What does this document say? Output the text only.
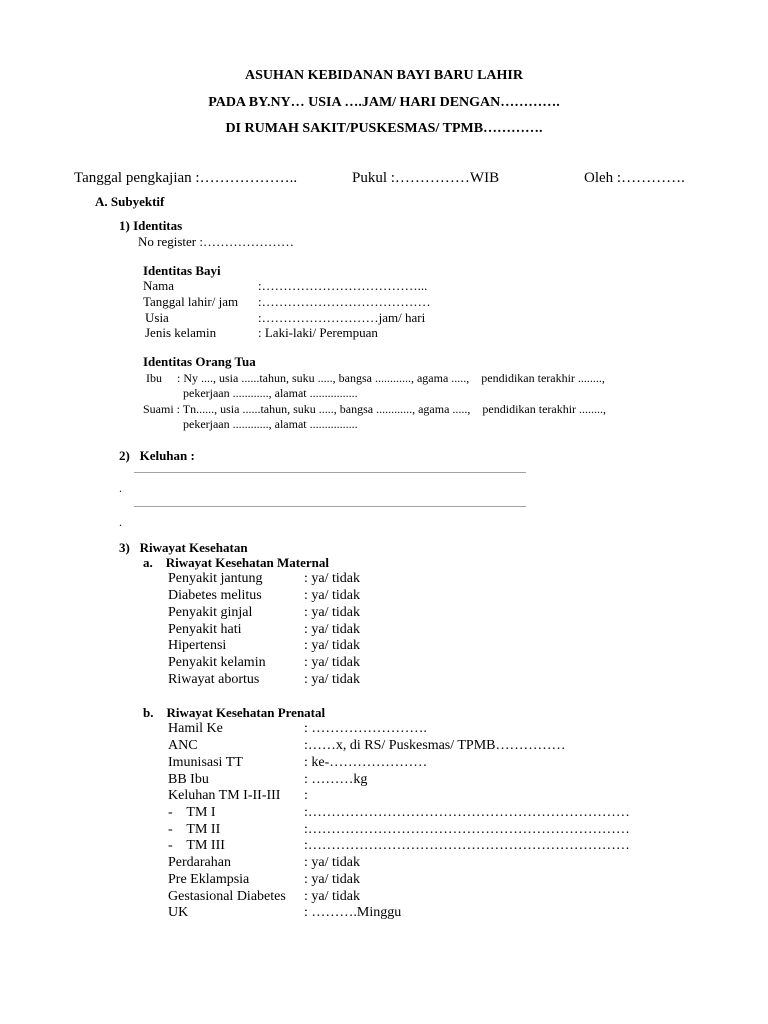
ASUHAN KEBIDANAN BAYI BARU LAHIR
PADA BY.NY… USIA ….JAM/ HARI DENGAN………….
DI RUMAH SAKIT/PUSKESMAS/ TPMB………….
Tanggal pengkajian :………………..	Pukul :……………WIB	Oleh :………….
A. Subyektif
1) Identitas
No register :…………………
Identitas Bayi
Nama	:………………………………...
Tanggal lahir/ jam :…………………………………
Usia	:………………………jam/ hari
Jenis kelamin	: Laki-laki/ Perempuan
Identitas Orang Tua
Ibu     : Ny ...., usia ......tahun, suku ....., bangsa ............, agama .....,    pendidikan terakhir ........,
pekerjaan ............, alamat ................
Suami : Tn......, usia ......tahun, suku ....., bangsa ............, agama .....,    pendidikan terakhir ........,
pekerjaan ............, alamat ................
2)   Keluhan :
....................................................................................................................................................................................................
.
....................................................................................................................................................................................................
.
3)   Riwayat Kesehatan
a.    Riwayat Kesehatan Maternal
Penyakit jantung	: ya/ tidak
Diabetes melitus	: ya/ tidak
Penyakit ginjal	: ya/ tidak
Penyakit hati	: ya/ tidak
Hipertensi	: ya/ tidak
Penyakit kelamin	: ya/ tidak
Riwayat abortus	: ya/ tidak
b.    Riwayat Kesehatan Prenatal
Hamil Ke	: …………………….
ANC	:……x, di RS/ Puskesmas/ TPMB……………
Imunisasi TT	: ke-…………………
BB Ibu	: ………kg
Keluhan TM I-II-III :
-    TM I	:……………………………………………………………
-    TM II	:……………………………………………………………
-    TM III	:……………………………………………………………
Perdarahan	: ya/ tidak
Pre Eklampsia	: ya/ tidak
Gestasional Diabetes : ya/ tidak
UK	: ……….Minggu
